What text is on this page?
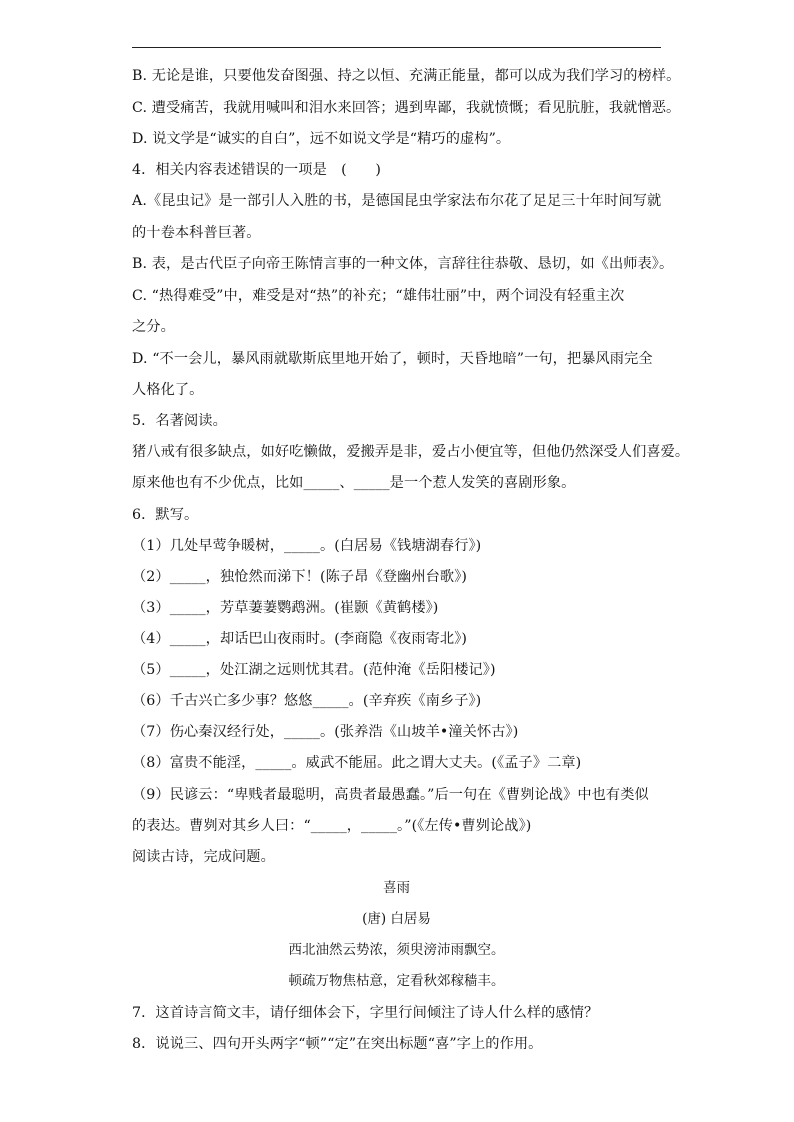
B. 无论是谁，只要他发奋图强、持之以恒、充满正能量，都可以成为我们学习的榜样。
C. 遭受痛苦，我就用喊叫和泪水来回答；遇到卑鄙，我就愤慨；看见肮脏，我就憎恶。
D. 说文学是“诚实的自白”，远不如说文学是“精巧的虚构”。
4．相关内容表述错误的一项是　(　　)
A.《昆虫记》是一部引人入胜的书，是德国昆虫学家法布尔花了足足三十年时间写就
的十卷本科普巨著。
B. 表，是古代臣子向帝王陈情言事的一种文体，言辞往往恭敬、恳切，如《出师表》。
C. “热得难受”中，难受是对“热”的补充；“雄伟壮丽”中，两个词没有轻重主次
之分。
D. “不一会儿，暴风雨就歇斯底里地开始了，顿时，天昏地暗”一句，把暴风雨完全
人格化了。
5．名著阅读。
猪八戒有很多缺点，如好吃懒做，爱搬弄是非，爱占小便宜等，但他仍然深受人们喜爱。
原来他也有不少优点，比如_____、_____是一个惹人发笑的喜剧形象。
6．默写。
（1）几处早莺争暖树，_____。(白居易《钱塘湖春行》)
（2）_____，独怆然而涕下！(陈子昂《登幽州台歌》)
（3）_____，芳草萋萋鹦鹉洲。(崔颢《黄鹤楼》)
（4）_____，却话巴山夜雨时。(李商隐《夜雨寄北》)
（5）_____，处江湖之远则忧其君。(范仲淹《岳阳楼记》)
（6）千古兴亡多少事？悠悠_____。(辛弃疾《南乡子》)
（7）伤心秦汉经行处，_____。(张养浩《山坡羊•潼关怀古》)
（8）富贵不能淫，_____。威武不能屈。此之谓大丈夫。(《孟子》二章)
（9）民谚云：“卑贱者最聪明，高贵者最愚蠢。”后一句在《曹刿论战》中也有类似
的表达。曹刿对其乡人曰：“_____，_____。”(《左传•曹刿论战》)
阅读古诗，完成问题。
喜雨
(唐) 白居易
西北油然云势浓，须臾滂沛雨飘空。
顿疏万物焦枯意，定看秋郊稼穑丰。
7．这首诗言简文丰，请仔细体会下，字里行间倾注了诗人什么样的感情？
8．说说三、四句开头两字“顿”“定”在突出标题“喜”字上的作用。
